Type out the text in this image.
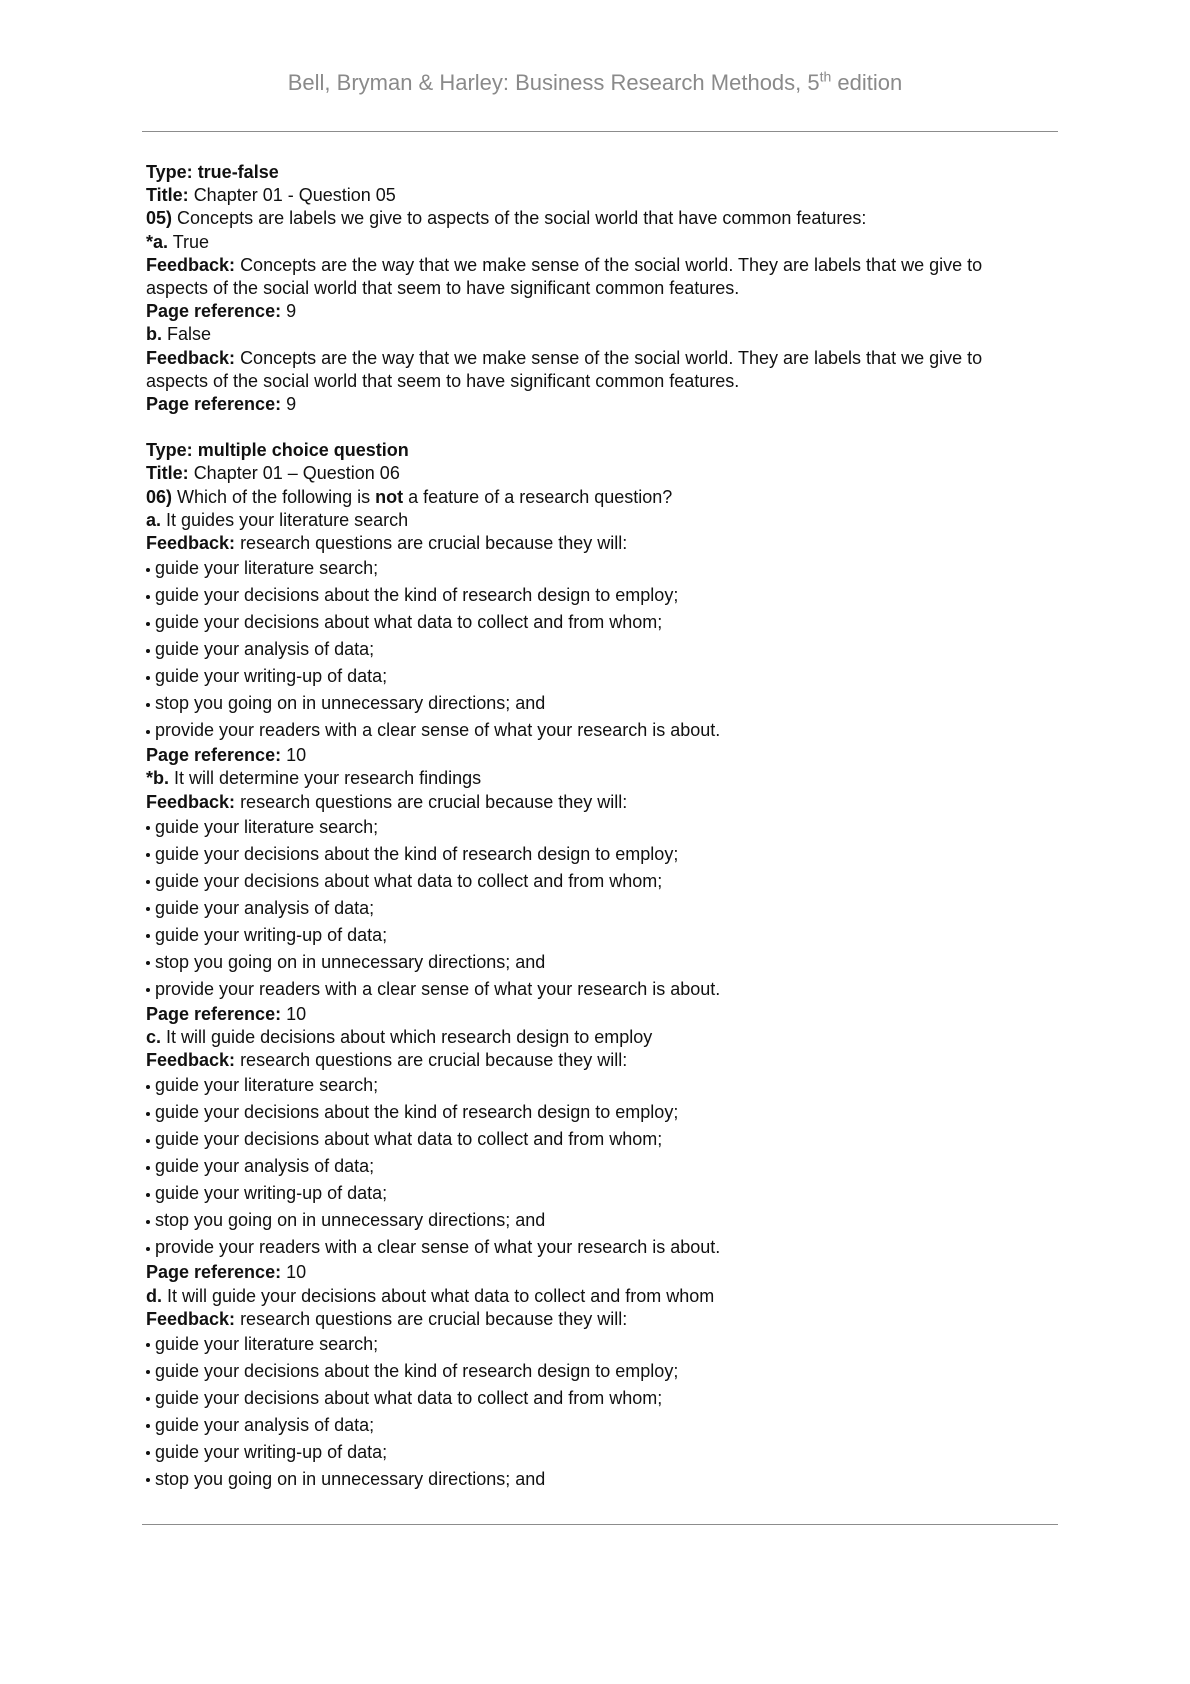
Bell, Bryman & Harley: Business Research Methods, 5th edition

Type: true-false

Title: Chapter 01 - Question 05

05) Concepts are labels we give to aspects of the social world that have common features:

*a. True

Feedback: Concepts are the way that we make sense of the social world. They are labels that we give to aspects of the social world that seem to have significant common features.

Page reference: 9

b. False

Feedback: Concepts are the way that we make sense of the social world. They are labels that we give to aspects of the social world that seem to have significant common features.

Page reference: 9

Type: multiple choice question

Title: Chapter 01 – Question 06

06) Which of the following is not a feature of a research question?

a. It guides your literature search

Feedback: research questions are crucial because they will:

guide your literature search;
guide your decisions about the kind of research design to employ;
guide your decisions about what data to collect and from whom;
guide your analysis of data;
guide your writing-up of data;
stop you going on in unnecessary directions; and
provide your readers with a clear sense of what your research is about.

Page reference: 10

*b. It will determine your research findings

Feedback: research questions are crucial because they will:

guide your literature search;
guide your decisions about the kind of research design to employ;
guide your decisions about what data to collect and from whom;
guide your analysis of data;
guide your writing-up of data;
stop you going on in unnecessary directions; and
provide your readers with a clear sense of what your research is about.

Page reference: 10

c. It will guide decisions about which research design to employ

Feedback: research questions are crucial because they will:

guide your literature search;
guide your decisions about the kind of research design to employ;
guide your decisions about what data to collect and from whom;
guide your analysis of data;
guide your writing-up of data;
stop you going on in unnecessary directions; and
provide your readers with a clear sense of what your research is about.

Page reference: 10

d. It will guide your decisions about what data to collect and from whom

Feedback: research questions are crucial because they will:

guide your literature search;
guide your decisions about the kind of research design to employ;
guide your decisions about what data to collect and from whom;
guide your analysis of data;
guide your writing-up of data;
stop you going on in unnecessary directions; and
